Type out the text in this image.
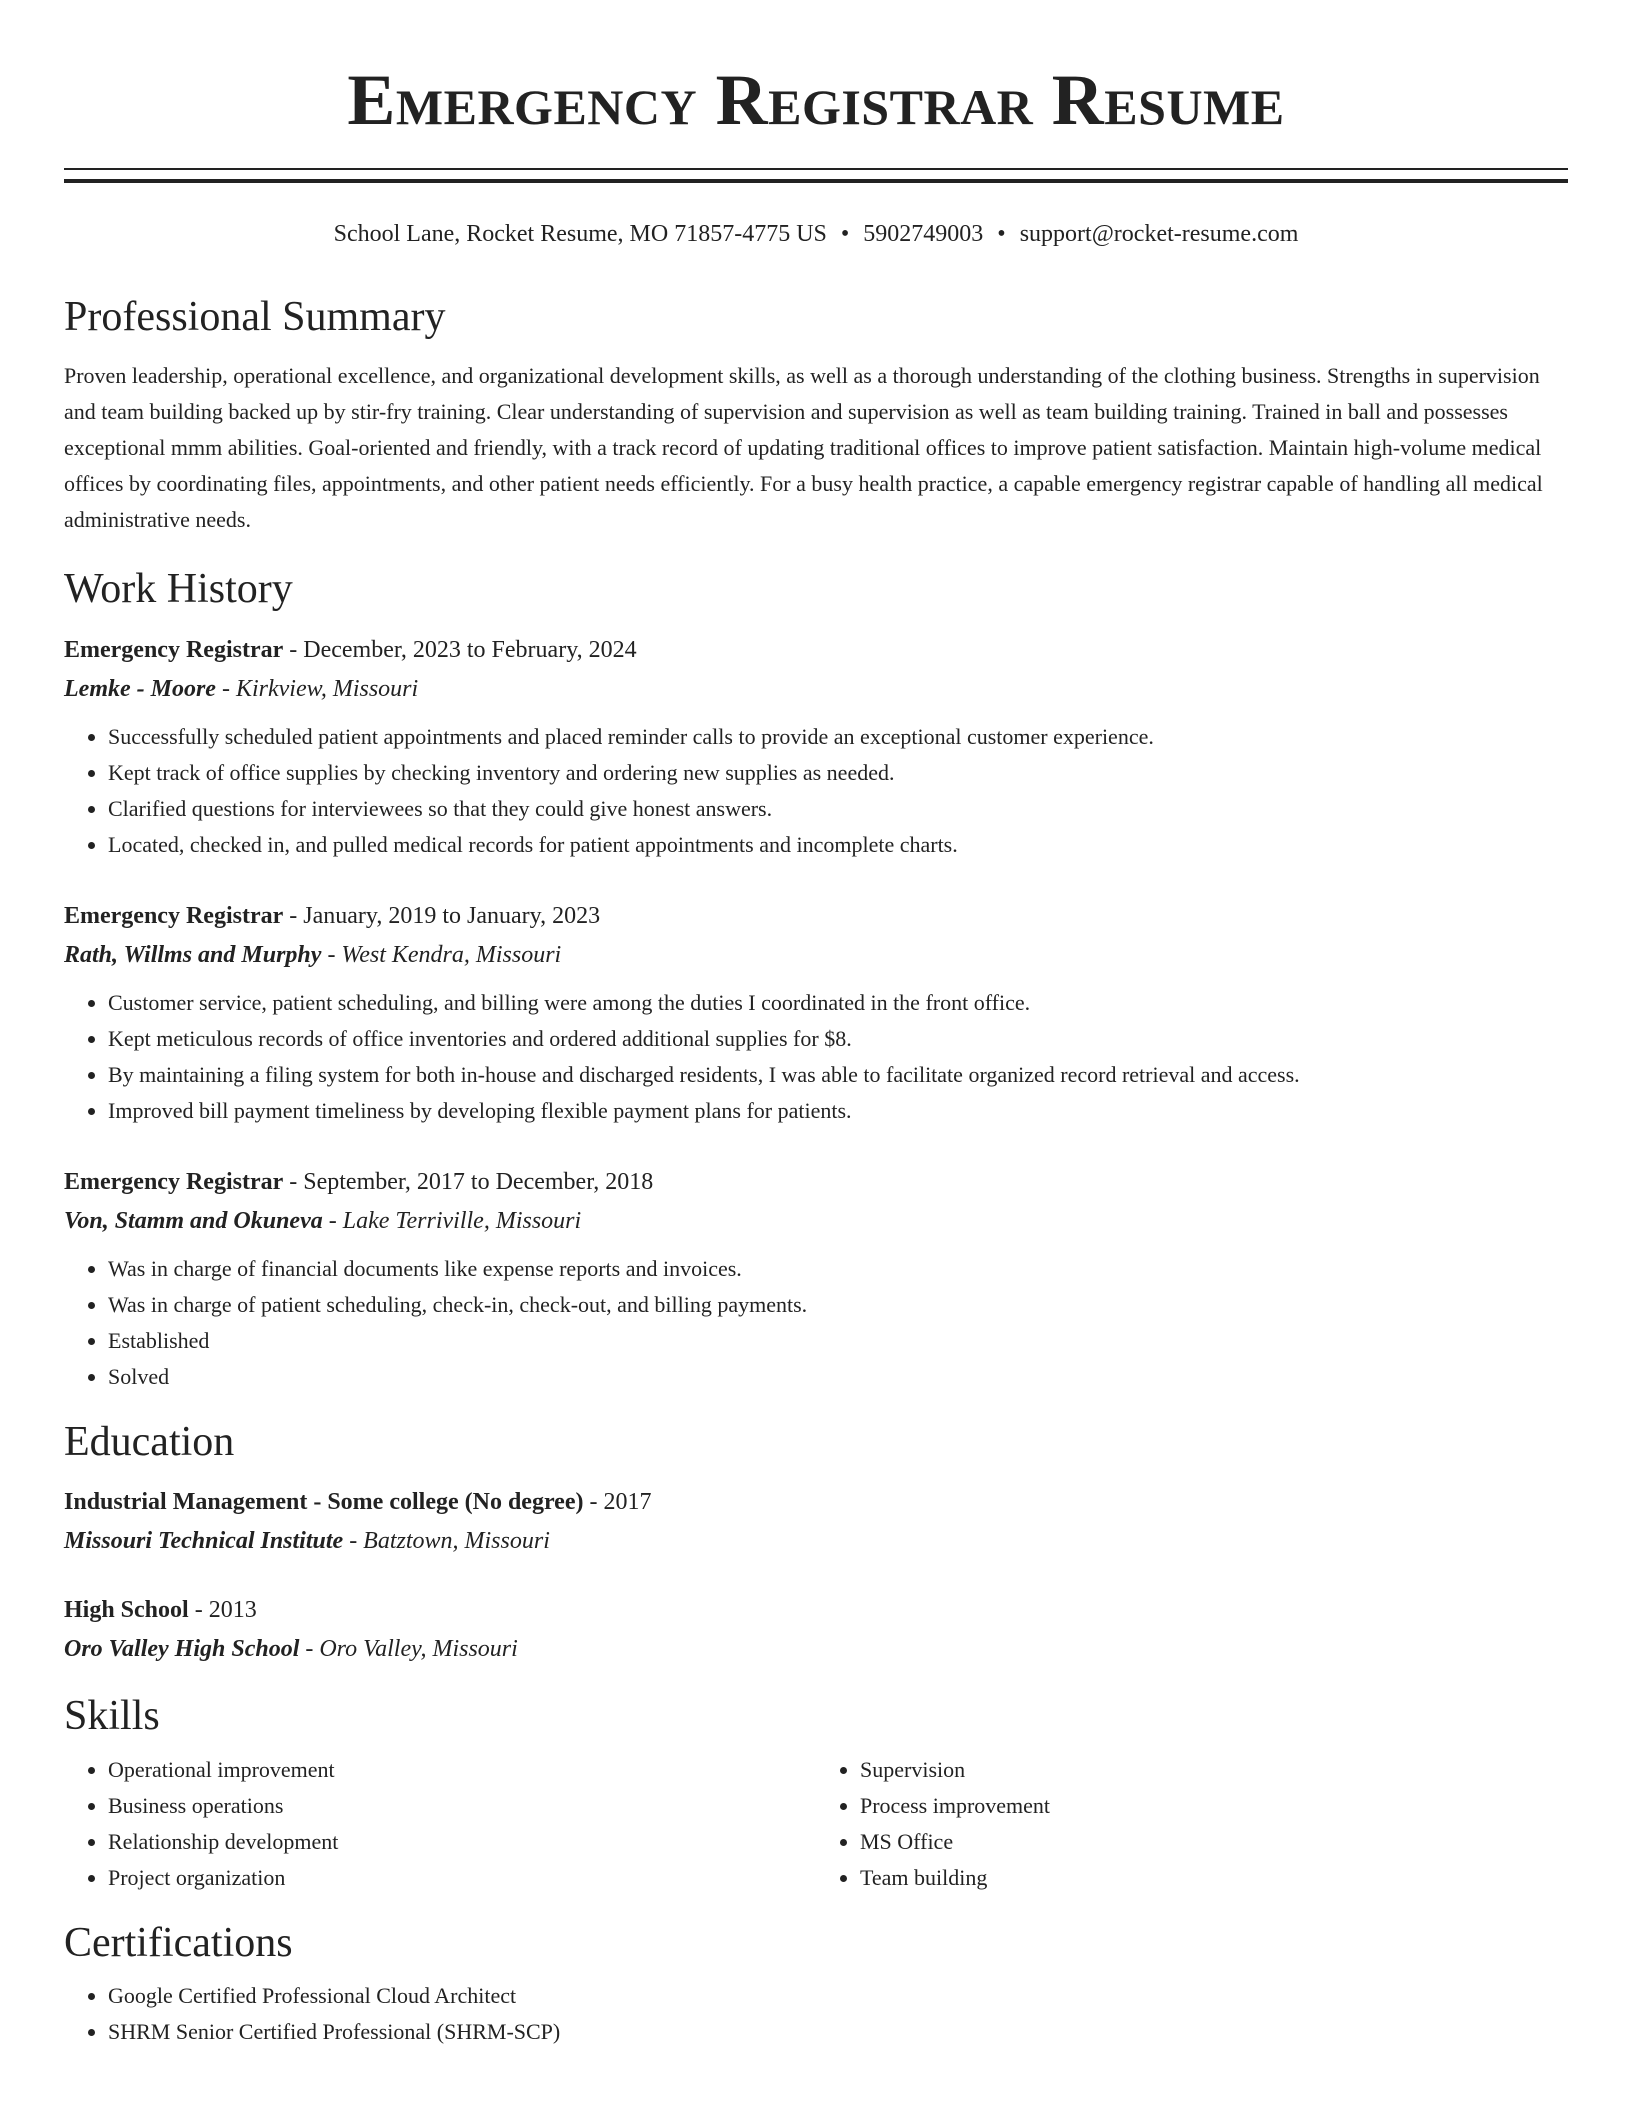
Emergency Registrar Resume
School Lane, Rocket Resume, MO 71857-4775 US • 5902749003 • support@rocket-resume.com
Professional Summary

Proven leadership, operational excellence, and organizational development skills, as well as a thorough understanding of the clothing business. Strengths in supervision and team building backed up by stir-fry training. Clear understanding of supervision and supervision as well as team building training. Trained in ball and possesses exceptional mmm abilities. Goal-oriented and friendly, with a track record of updating traditional offices to improve patient satisfaction. Maintain high-volume medical offices by coordinating files, appointments, and other patient needs efficiently. For a busy health practice, a capable emergency registrar capable of handling all medical administrative needs.

Work History
Emergency Registrar - December, 2023 to February, 2024
Lemke - Moore - Kirkview, Missouri
• Successfully scheduled patient appointments and placed reminder calls to provide an exceptional customer experience.
• Kept track of office supplies by checking inventory and ordering new supplies as needed.
• Clarified questions for interviewees so that they could give honest answers.
• Located, checked in, and pulled medical records for patient appointments and incomplete charts.
Emergency Registrar - January, 2019 to January, 2023
Rath, Willms and Murphy - West Kendra, Missouri
• Customer service, patient scheduling, and billing were among the duties I coordinated in the front office.
• Kept meticulous records of office inventories and ordered additional supplies for $8.
• By maintaining a filing system for both in-house and discharged residents, I was able to facilitate organized record retrieval and access.
• Improved bill payment timeliness by developing flexible payment plans for patients.
Emergency Registrar - September, 2017 to December, 2018
Von, Stamm and Okuneva - Lake Terriville, Missouri
• Was in charge of financial documents like expense reports and invoices.
• Was in charge of patient scheduling, check-in, check-out, and billing payments.
• Established
• Solved
Education
Industrial Management - Some college (No degree) - 2017
Missouri Technical Institute - Batztown, Missouri
High School - 2013
Oro Valley High School - Oro Valley, Missouri
Skills
• Operational improvement
• Business operations
• Relationship development
• Project organization
• Supervision
• Process improvement
• MS Office
• Team building
Certifications
• Google Certified Professional Cloud Architect
• SHRM Senior Certified Professional (SHRM-SCP)
